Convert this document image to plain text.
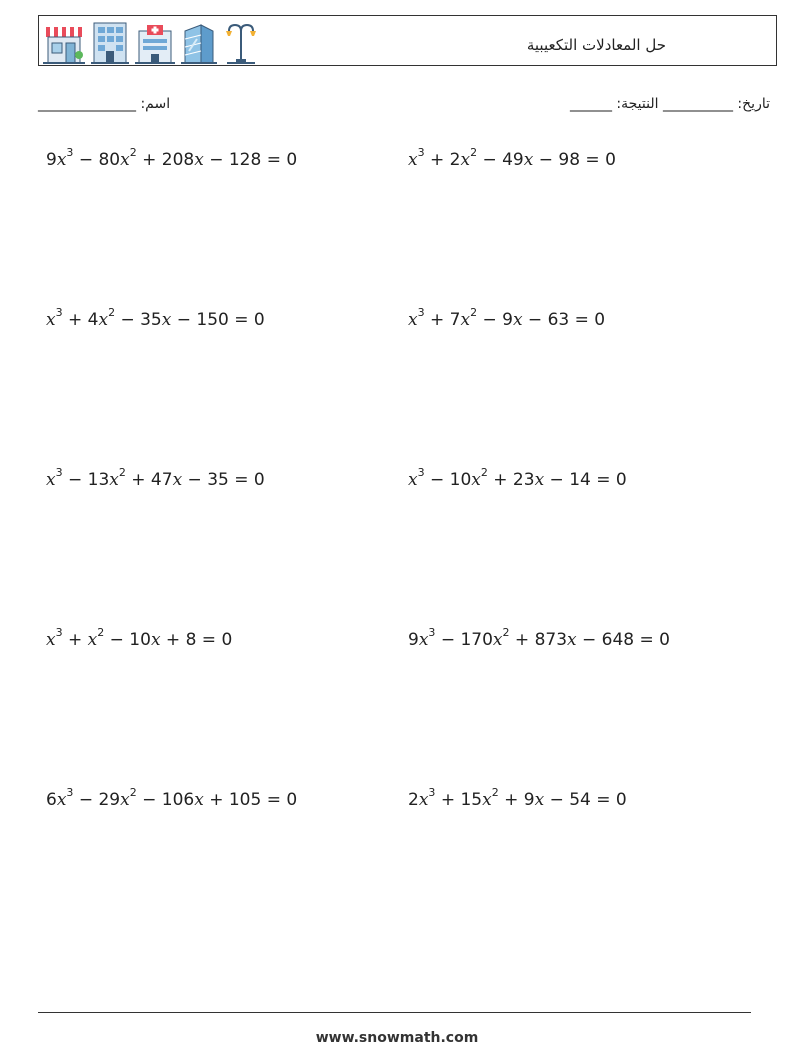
حل المعادلات التكعيبية
______________ :اسم	______ :تاريخ: __________ النتيجة
$9x^3 - 80x^2 + 208x - 128 = 0$	$x^3 + 2x^2 - 49x - 98 = 0$
$x^3 + 4x^2 - 35x - 150 = 0$	$x^3 + 7x^2 - 9x - 63 = 0$
$x^3 - 13x^2 + 47x - 35 = 0$	$x^3 - 10x^2 + 23x - 14 = 0$
$x^3 + x^2 - 10x + 8 = 0$	$9x^3 - 170x^2 + 873x - 648 = 0$
$6x^3 - 29x^2 - 106x + 105 = 0$	$2x^3 + 15x^2 + 9x - 54 = 0$
www.snowmath.com
